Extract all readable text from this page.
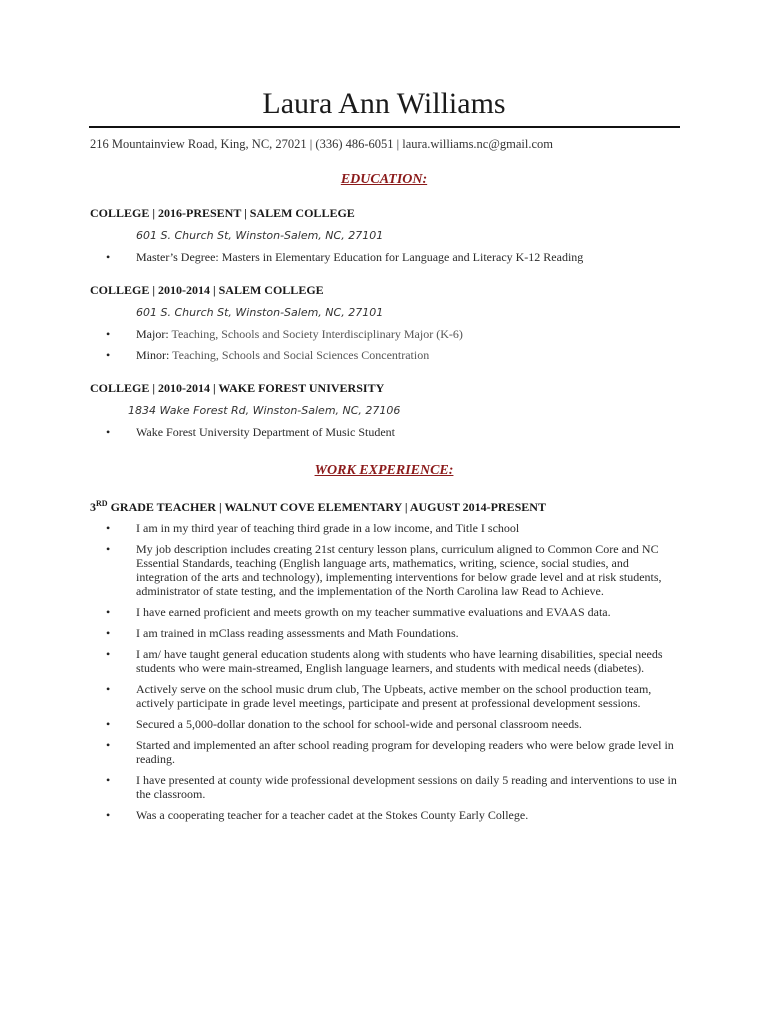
Laura Ann Williams
216 Mountainview Road, King, NC, 27021 | (336) 486-6051 | laura.williams.nc@gmail.com
EDUCATION:
COLLEGE | 2016-PRESENT | SALEM COLLEGE
601 S. Church St, Winston-Salem, NC, 27101
• Master’s Degree: Masters in Elementary Education for Language and Literacy K-12 Reading
COLLEGE | 2010-2014 | SALEM COLLEGE
601 S. Church St, Winston-Salem, NC, 27101
• Major: Teaching, Schools and Society Interdisciplinary Major (K-6)
• Minor: Teaching, Schools and Social Sciences Concentration
COLLEGE | 2010-2014 | WAKE FOREST UNIVERSITY
1834 Wake Forest Rd, Winston-Salem, NC, 27106
• Wake Forest University Department of Music Student
WORK EXPERIENCE:
3RD GRADE TEACHER | WALNUT COVE ELEMENTARY | AUGUST 2014-PRESENT
• I am in my third year of teaching third grade in a low income, and Title I school
• My job description includes creating 21st century lesson plans, curriculum aligned to Common Core and NC Essential Standards, teaching (English language arts, mathematics, writing, science, social studies, and integration of the arts and technology), implementing interventions for below grade level and at risk students, administrator of state testing, and the implementation of the North Carolina law Read to Achieve.
• I have earned proficient and meets growth on my teacher summative evaluations and EVAAS data.
• I am trained in mClass reading assessments and Math Foundations.
• I am/ have taught general education students along with students who have learning disabilities, special needs students who were main-streamed, English language learners, and students with medical needs (diabetes).
• Actively serve on the school music drum club, The Upbeats, active member on the school production team, actively participate in grade level meetings, participate and present at professional development sessions.
• Secured a 5,000-dollar donation to the school for school-wide and personal classroom needs.
• Started and implemented an after school reading program for developing readers who were below grade level in reading.
• I have presented at county wide professional development sessions on daily 5 reading and interventions to use in the classroom.
• Was a cooperating teacher for a teacher cadet at the Stokes County Early College.
